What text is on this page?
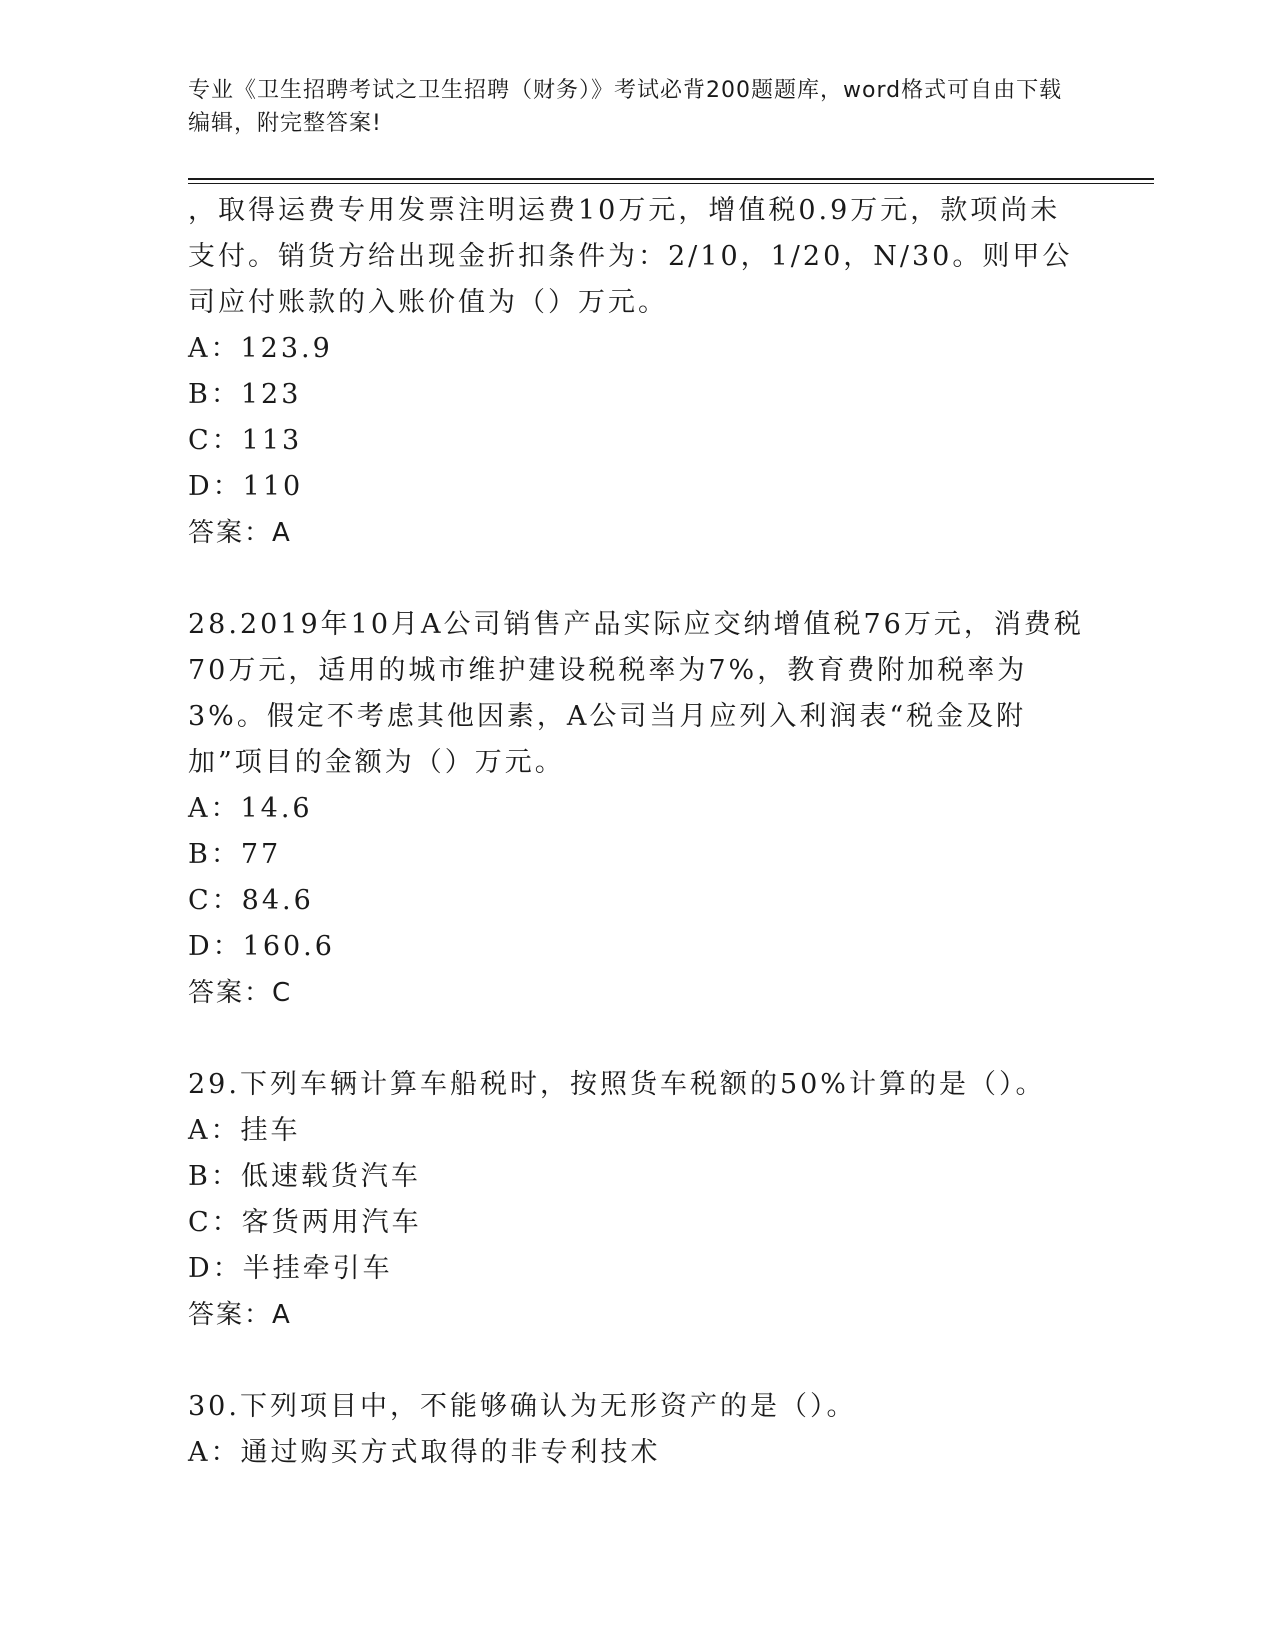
专业《卫生招聘考试之卫生招聘（财务）》考试必背200题题库，word格式可自由下载编辑，附完整答案!

，取得运费专用发票注明运费10万元，增值税0.9万元，款项尚未支付。销货方给出现金折扣条件为：2/10，1/20，N/30。则甲公司应付账款的入账价值为（）万元。

A：123.9

B：123

C：113

D：110

答案：A

28.2019年10月A公司销售产品实际应交纳增值税76万元，消费税70万元，适用的城市维护建设税税率为7%，教育费附加税率为3%。假定不考虑其他因素，A公司当月应列入利润表“税金及附加”项目的金额为（）万元。

A：14.6

B：77

C：84.6

D：160.6

答案：C

29.下列车辆计算车船税时，按照货车税额的50%计算的是（）。

A：挂车

B：低速载货汽车

C：客货两用汽车

D：半挂牵引车

答案：A

30.下列项目中，不能够确认为无形资产的是（）。

A：通过购买方式取得的非专利技术
